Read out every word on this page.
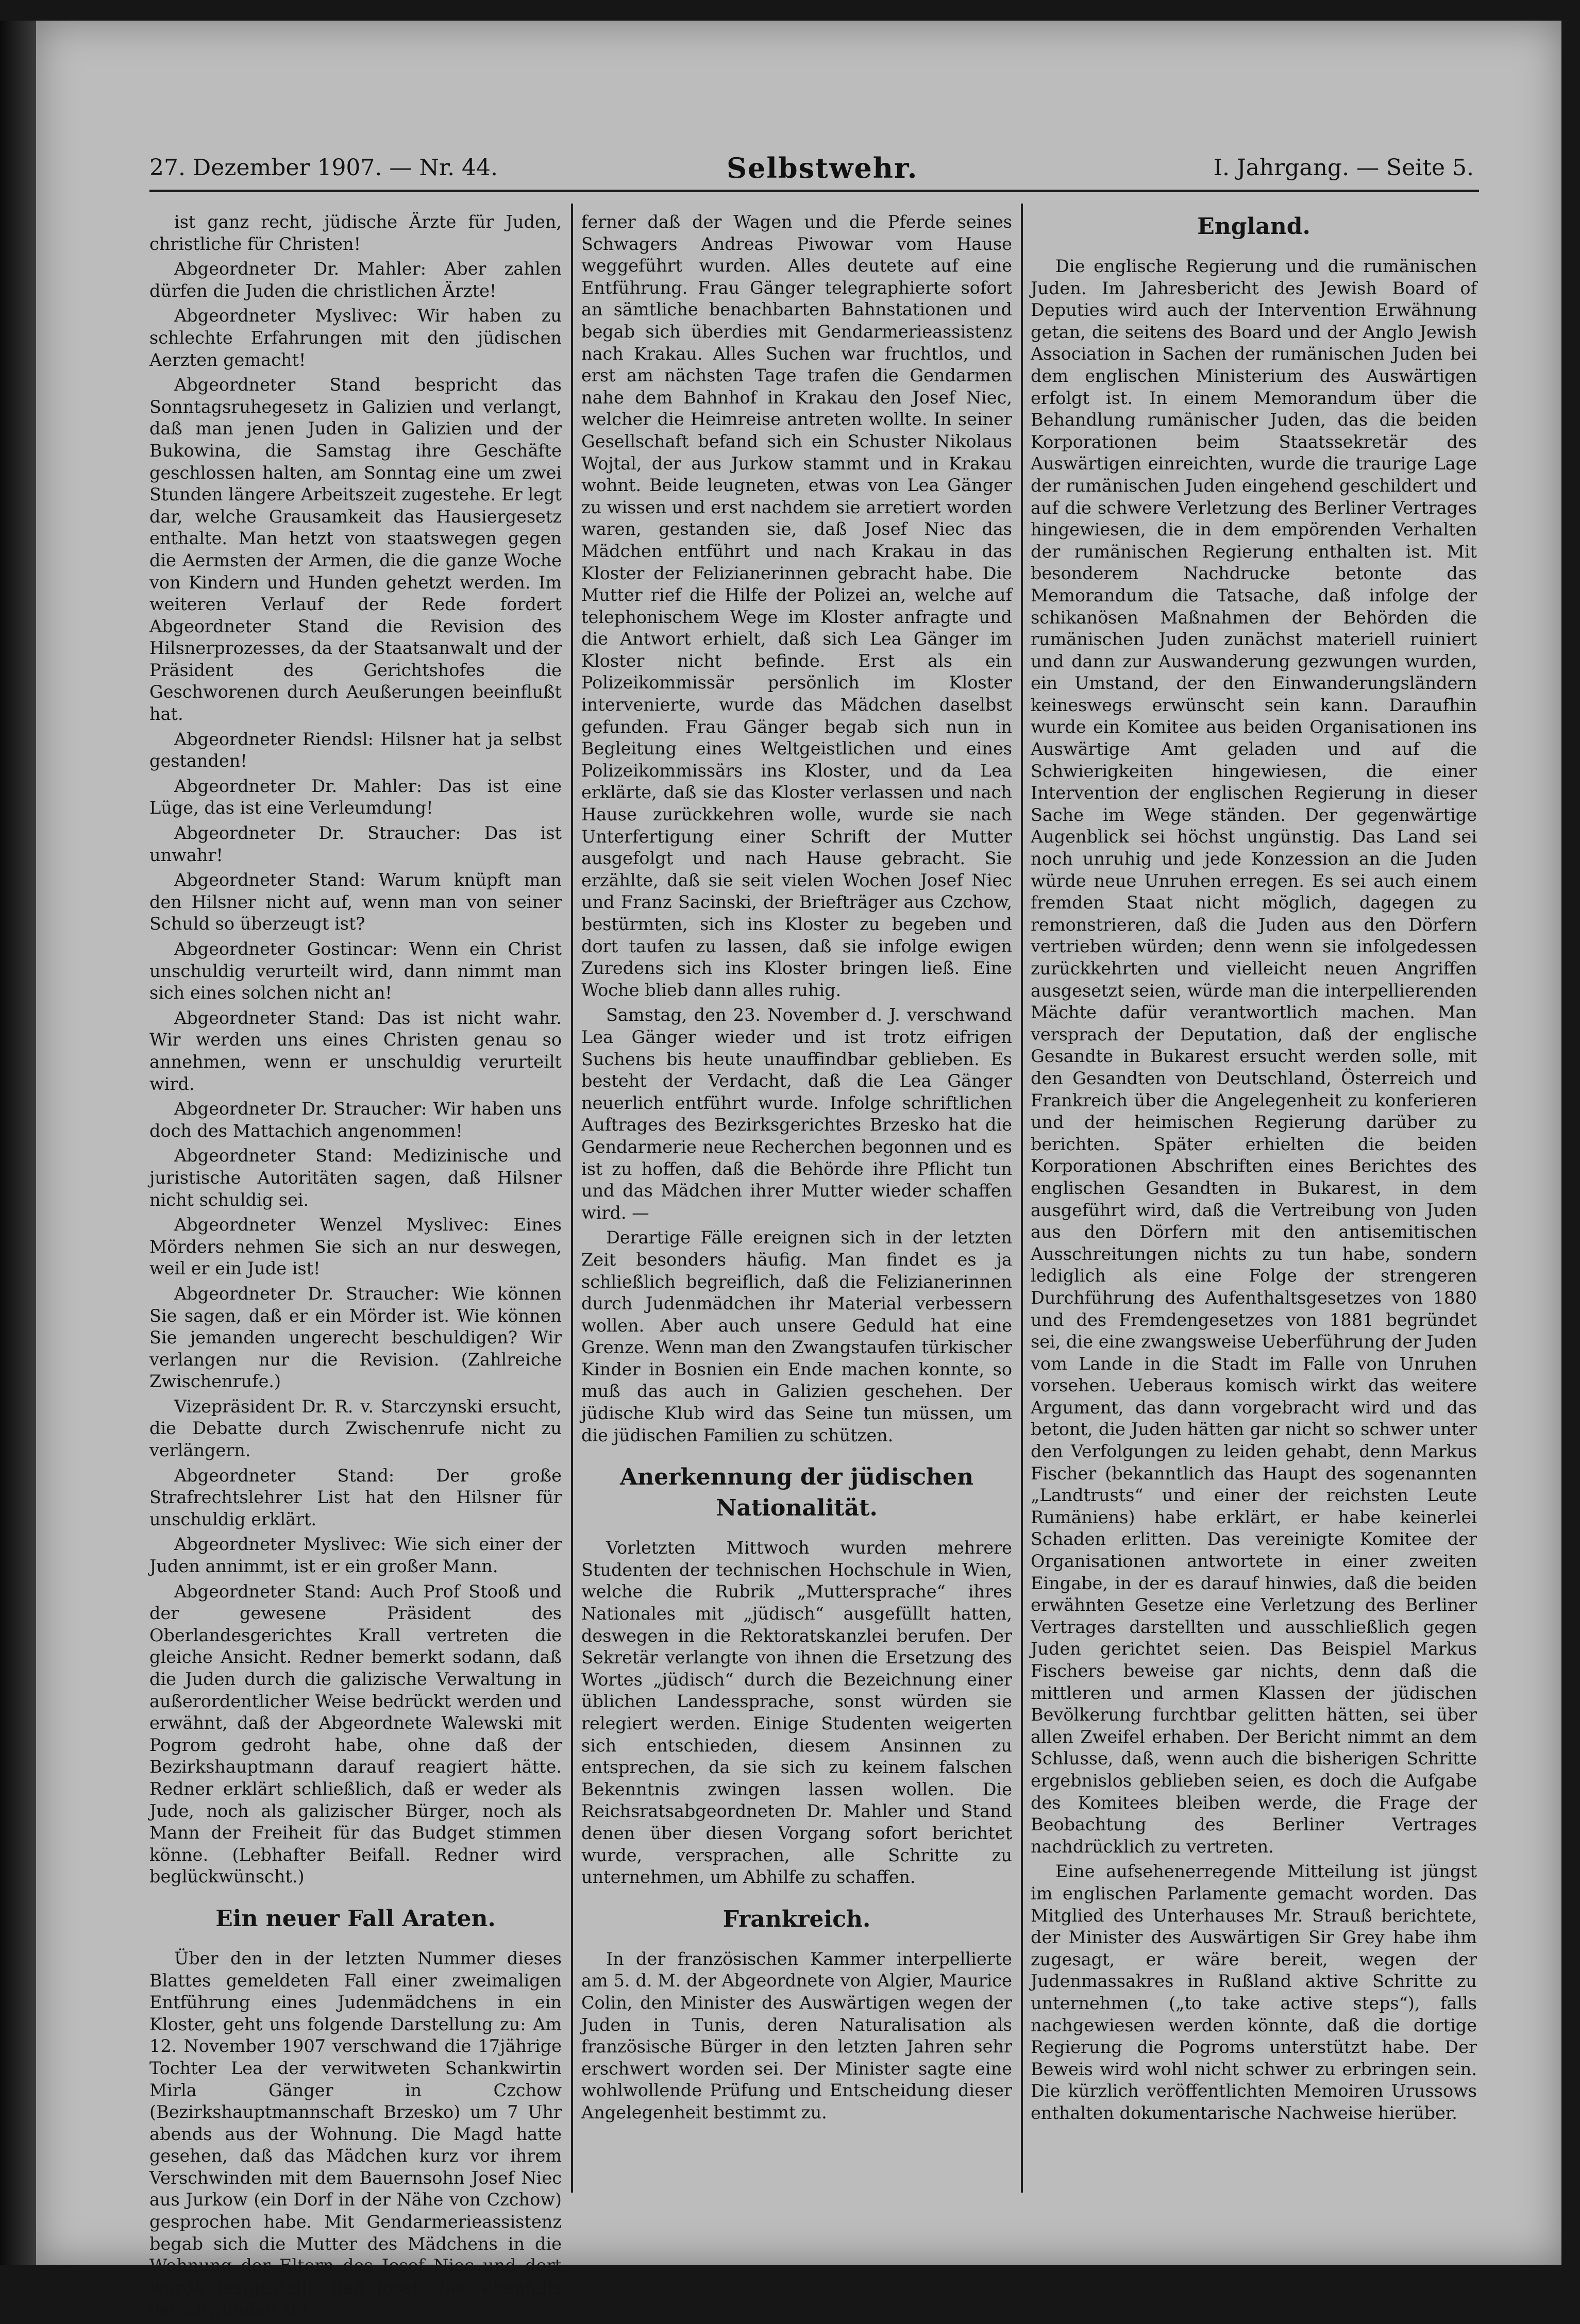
27. Dezember 1907. — Nr. 44.	Selbstwehr.	I. Jahrgang. — Seite 5.

ist ganz recht, jüdische Ärzte für Juden, christliche für Christen!

Abgeordneter Dr. Mahler: Aber zahlen dürfen die Juden die christlichen Ärzte!

Abgeordneter Myslivec: Wir haben zu schlechte Erfahrungen mit den jüdischen Aerzten gemacht!

Abgeordneter Stand bespricht das Sonntagsruhegesetz in Galizien und verlangt, daß man jenen Juden in Galizien und der Bukowina, die Samstag ihre Geschäfte geschlossen halten, am Sonntag eine um zwei Stunden längere Arbeitszeit zugestehe. Er legt dar, welche Grausamkeit das Hausiergesetz enthalte. Man hetzt von staatswegen gegen die Aermsten der Armen, die die ganze Woche von Kindern und Hunden gehetzt werden. Im weiteren Verlauf der Rede fordert Abgeordneter Stand die Revision des Hilsnerprozesses, da der Staatsanwalt und der Präsident des Gerichtshofes die Geschworenen durch Aeußerungen beeinflußt hat.

Abgeordneter Riendsl: Hilsner hat ja selbst gestanden!

Abgeordneter Dr. Mahler: Das ist eine Lüge, das ist eine Verleumdung!

Abgeordneter Dr. Straucher: Das ist unwahr!

Abgeordneter Stand: Warum knüpft man den Hilsner nicht auf, wenn man von seiner Schuld so überzeugt ist?

Abgeordneter Gostincar: Wenn ein Christ unschuldig verurteilt wird, dann nimmt man sich eines solchen nicht an!

Abgeordneter Stand: Das ist nicht wahr. Wir werden uns eines Christen genau so annehmen, wenn er unschuldig verurteilt wird.

Abgeordneter Dr. Straucher: Wir haben uns doch des Mattachich angenommen!

Abgeordneter Stand: Medizinische und juristische Autoritäten sagen, daß Hilsner nicht schuldig sei.

Abgeordneter Wenzel Myslivec: Eines Mörders nehmen Sie sich an nur deswegen, weil er ein Jude ist!

Abgeordneter Dr. Straucher: Wie können Sie sagen, daß er ein Mörder ist. Wie können Sie jemanden ungerecht beschuldigen? Wir verlangen nur die Revision. (Zahlreiche Zwischenrufe.)

Vizepräsident Dr. R. v. Starczynski ersucht, die Debatte durch Zwischenrufe nicht zu verlängern.

Abgeordneter Stand: Der große Strafrechtslehrer List hat den Hilsner für unschuldig erklärt.

Abgeordneter Myslivec: Wie sich einer der Juden annimmt, ist er ein großer Mann.

Abgeordneter Stand: Auch Prof Stooß und der gewesene Präsident des Oberlandesgerichtes Krall vertreten die gleiche Ansicht. Redner bemerkt sodann, daß die Juden durch die galizische Verwaltung in außerordentlicher Weise bedrückt werden und erwähnt, daß der Abgeordnete Walewski mit Pogrom gedroht habe, ohne daß der Bezirkshauptmann darauf reagiert hätte. Redner erklärt schließlich, daß er weder als Jude, noch als galizischer Bürger, noch als Mann der Freiheit für das Budget stimmen könne. (Lebhafter Beifall. Redner wird beglückwünscht.)

Ein neuer Fall Araten.

Über den in der letzten Nummer dieses Blattes gemeldeten Fall einer zweimaligen Entführung eines Judenmädchens in ein Kloster, geht uns folgende Darstellung zu: Am 12. November 1907 verschwand die 17jährige Tochter Lea der verwitweten Schankwirtin Mirla Gänger in Czchow (Bezirkshauptmannschaft Brzesko) um 7 Uhr abends aus der Wohnung. Die Magd hatte gesehen, daß das Mädchen kurz vor ihrem Verschwinden mit dem Bauernsohn Josef Niec aus Jurkow (ein Dorf in der Nähe von Czchow) gesprochen habe. Mit Gendarmerieassistenz begab sich die Mutter des Mädchens in die Wohnung der Eltern des Josef Niec und dort wurde festgestellt, daß Josef Niec ebenfalls verschwunden sei,

ferner daß der Wagen und die Pferde seines Schwagers Andreas Piwowar vom Hause weggeführt wurden. Alles deutete auf eine Entführung. Frau Gänger telegraphierte sofort an sämtliche benachbarten Bahnstationen und begab sich überdies mit Gendarmerieassistenz nach Krakau. Alles Suchen war fruchtlos, und erst am nächsten Tage trafen die Gendarmen nahe dem Bahnhof in Krakau den Josef Niec, welcher die Heimreise antreten wollte. In seiner Gesellschaft befand sich ein Schuster Nikolaus Wojtal, der aus Jurkow stammt und in Krakau wohnt. Beide leugneten, etwas von Lea Gänger zu wissen und erst nachdem sie arretiert worden waren, gestanden sie, daß Josef Niec das Mädchen entführt und nach Krakau in das Kloster der Felizianerinnen gebracht habe. Die Mutter rief die Hilfe der Polizei an, welche auf telephonischem Wege im Kloster anfragte und die Antwort erhielt, daß sich Lea Gänger im Kloster nicht befinde. Erst als ein Polizeikommissär persönlich im Kloster intervenierte, wurde das Mädchen daselbst gefunden. Frau Gänger begab sich nun in Begleitung eines Weltgeistlichen und eines Polizeikommissärs ins Kloster, und da Lea erklärte, daß sie das Kloster verlassen und nach Hause zurückkehren wolle, wurde sie nach Unterfertigung einer Schrift der Mutter ausgefolgt und nach Hause gebracht. Sie erzählte, daß sie seit vielen Wochen Josef Niec und Franz Sacinski, der Briefträger aus Czchow, bestürmten, sich ins Kloster zu begeben und dort taufen zu lassen, daß sie infolge ewigen Zuredens sich ins Kloster bringen ließ. Eine Woche blieb dann alles ruhig.

Samstag, den 23. November d. J. verschwand Lea Gänger wieder und ist trotz eifrigen Suchens bis heute unauffindbar geblieben. Es besteht der Verdacht, daß die Lea Gänger neuerlich entführt wurde. Infolge schriftlichen Auftrages des Bezirksgerichtes Brzesko hat die Gendarmerie neue Recherchen begonnen und es ist zu hoffen, daß die Behörde ihre Pflicht tun und das Mädchen ihrer Mutter wieder schaffen wird. —

Derartige Fälle ereignen sich in der letzten Zeit besonders häufig. Man findet es ja schließlich begreiflich, daß die Felizianerinnen durch Judenmädchen ihr Material verbessern wollen. Aber auch unsere Geduld hat eine Grenze. Wenn man den Zwangstaufen türkischer Kinder in Bosnien ein Ende machen konnte, so muß das auch in Galizien geschehen. Der jüdische Klub wird das Seine tun müssen, um die jüdischen Familien zu schützen.

Anerkennung der jüdischen Nationalität.

Vorletzten Mittwoch wurden mehrere Studenten der technischen Hochschule in Wien, welche die Rubrik „Muttersprache“ ihres Nationales mit „jüdisch“ ausgefüllt hatten, deswegen in die Rektoratskanzlei berufen. Der Sekretär verlangte von ihnen die Ersetzung des Wortes „jüdisch“ durch die Bezeichnung einer üblichen Landessprache, sonst würden sie relegiert werden. Einige Studenten weigerten sich entschieden, diesem Ansinnen zu entsprechen, da sie sich zu keinem falschen Bekenntnis zwingen lassen wollen. Die Reichsratsabgeordneten Dr. Mahler und Stand denen über diesen Vorgang sofort berichtet wurde, versprachen, alle Schritte zu unternehmen, um Abhilfe zu schaffen.

Frankreich.

In der französischen Kammer interpellierte am 5. d. M. der Abgeordnete von Algier, Maurice Colin, den Minister des Auswärtigen wegen der Juden in Tunis, deren Naturalisation als französische Bürger in den letzten Jahren sehr erschwert worden sei. Der Minister sagte eine wohlwollende Prüfung und Entscheidung dieser Angelegenheit bestimmt zu.

England.

Die englische Regierung und die rumänischen Juden. Im Jahresbericht des Jewish Board of Deputies wird auch der Intervention Erwähnung getan, die seitens des Board und der Anglo Jewish Association in Sachen der rumänischen Juden bei dem englischen Ministerium des Auswärtigen erfolgt ist. In einem Memorandum über die Behandlung rumänischer Juden, das die beiden Korporationen beim Staatssekretär des Auswärtigen einreichten, wurde die traurige Lage der rumänischen Juden eingehend geschildert und auf die schwere Verletzung des Berliner Vertrages hingewiesen, die in dem empörenden Verhalten der rumänischen Regierung enthalten ist. Mit besonderem Nachdrucke betonte das Memorandum die Tatsache, daß infolge der schikanösen Maßnahmen der Behörden die rumänischen Juden zunächst materiell ruiniert und dann zur Auswanderung gezwungen wurden, ein Umstand, der den Einwanderungsländern keineswegs erwünscht sein kann. Daraufhin wurde ein Komitee aus beiden Organisationen ins Auswärtige Amt geladen und auf die Schwierigkeiten hingewiesen, die einer Intervention der englischen Regierung in dieser Sache im Wege ständen. Der gegenwärtige Augenblick sei höchst ungünstig. Das Land sei noch unruhig und jede Konzession an die Juden würde neue Unruhen erregen. Es sei auch einem fremden Staat nicht möglich, dagegen zu remonstrieren, daß die Juden aus den Dörfern vertrieben würden; denn wenn sie infolgedessen zurückkehrten und vielleicht neuen Angriffen ausgesetzt seien, würde man die interpellierenden Mächte dafür verantwortlich machen. Man versprach der Deputation, daß der englische Gesandte in Bukarest ersucht werden solle, mit den Gesandten von Deutschland, Österreich und Frankreich über die Angelegenheit zu konferieren und der heimischen Regierung darüber zu berichten. Später erhielten die beiden Korporationen Abschriften eines Berichtes des englischen Gesandten in Bukarest, in dem ausgeführt wird, daß die Vertreibung von Juden aus den Dörfern mit den antisemitischen Ausschreitungen nichts zu tun habe, sondern lediglich als eine Folge der strengeren Durchführung des Aufenthaltsgesetzes von 1880 und des Fremdengesetzes von 1881 begründet sei, die eine zwangsweise Ueberführung der Juden vom Lande in die Stadt im Falle von Unruhen vorsehen. Ueberaus komisch wirkt das weitere Argument, das dann vorgebracht wird und das betont, die Juden hätten gar nicht so schwer unter den Verfolgungen zu leiden gehabt, denn Markus Fischer (bekanntlich das Haupt des sogenannten „Landtrusts“ und einer der reichsten Leute Rumäniens) habe erklärt, er habe keinerlei Schaden erlitten. Das vereinigte Komitee der Organisationen antwortete in einer zweiten Eingabe, in der es darauf hinwies, daß die beiden erwähnten Gesetze eine Verletzung des Berliner Vertrages darstellten und ausschließlich gegen Juden gerichtet seien. Das Beispiel Markus Fischers beweise gar nichts, denn daß die mittleren und armen Klassen der jüdischen Bevölkerung furchtbar gelitten hätten, sei über allen Zweifel erhaben. Der Bericht nimmt an dem Schlusse, daß, wenn auch die bisherigen Schritte ergebnislos geblieben seien, es doch die Aufgabe des Komitees bleiben werde, die Frage der Beobachtung des Berliner Vertrages nachdrücklich zu vertreten.

Eine aufsehenerregende Mitteilung ist jüngst im englischen Parlamente gemacht worden. Das Mitglied des Unterhauses Mr. Strauß berichtete, der Minister des Auswärtigen Sir Grey habe ihm zugesagt, er wäre bereit, wegen der Judenmassakres in Rußland aktive Schritte zu unternehmen („to take active steps“), falls nachgewiesen werden könnte, daß die dortige Regierung die Pogroms unterstützt habe. Der Beweis wird wohl nicht schwer zu erbringen sein. Die kürzlich veröffentlichten Memoiren Urussows enthalten dokumentarische Nachweise hierüber.
